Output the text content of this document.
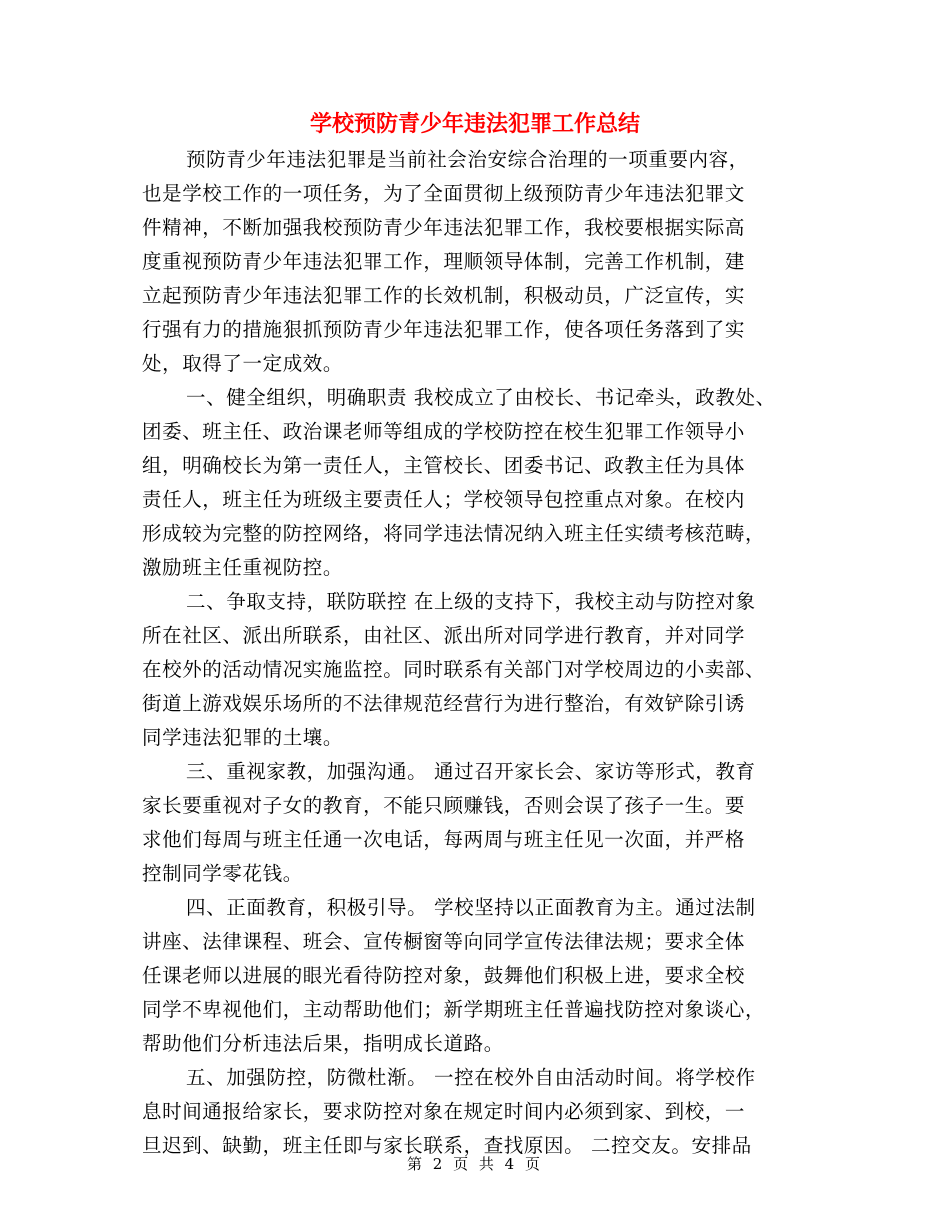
学校预防青少年违法犯罪工作总结
预防青少年违法犯罪是当前社会治安综合治理的一项重要内容，
也是学校工作的一项任务，为了全面贯彻上级预防青少年违法犯罪文
件精神，不断加强我校预防青少年违法犯罪工作，我校要根据实际高
度重视预防青少年违法犯罪工作，理顺领导体制，完善工作机制，建
立起预防青少年违法犯罪工作的长效机制，积极动员，广泛宣传，实
行强有力的措施狠抓预防青少年违法犯罪工作，使各项任务落到了实
处，取得了一定成效。
一、健全组织，明确职责 我校成立了由校长、书记牵头，政教处、
团委、班主任、政治课老师等组成的学校防控在校生犯罪工作领导小
组，明确校长为第一责任人，主管校长、团委书记、政教主任为具体
责任人，班主任为班级主要责任人；学校领导包控重点对象。在校内
形成较为完整的防控网络，将同学违法情况纳入班主任实绩考核范畴，
激励班主任重视防控。
二、争取支持，联防联控 在上级的支持下，我校主动与防控对象
所在社区、派出所联系，由社区、派出所对同学进行教育，并对同学
在校外的活动情况实施监控。同时联系有关部门对学校周边的小卖部、
街道上游戏娱乐场所的不法律规范经营行为进行整治，有效铲除引诱
同学违法犯罪的土壤。
三、重视家教，加强沟通。 通过召开家长会、家访等形式，教育
家长要重视对子女的教育，不能只顾赚钱，否则会误了孩子一生。要
求他们每周与班主任通一次电话，每两周与班主任见一次面，并严格
控制同学零花钱。
四、正面教育，积极引导。 学校坚持以正面教育为主。通过法制
讲座、法律课程、班会、宣传橱窗等向同学宣传法律法规；要求全体
任课老师以进展的眼光看待防控对象，鼓舞他们积极上进，要求全校
同学不卑视他们，主动帮助他们；新学期班主任普遍找防控对象谈心，
帮助他们分析违法后果，指明成长道路。
五、加强防控，防微杜渐。 一控在校外自由活动时间。将学校作
息时间通报给家长，要求防控对象在规定时间内必须到家、到校，一
旦迟到、缺勤，班主任即与家长联系，查找原因。 二控交友。安排品
第 2 页 共 4 页
